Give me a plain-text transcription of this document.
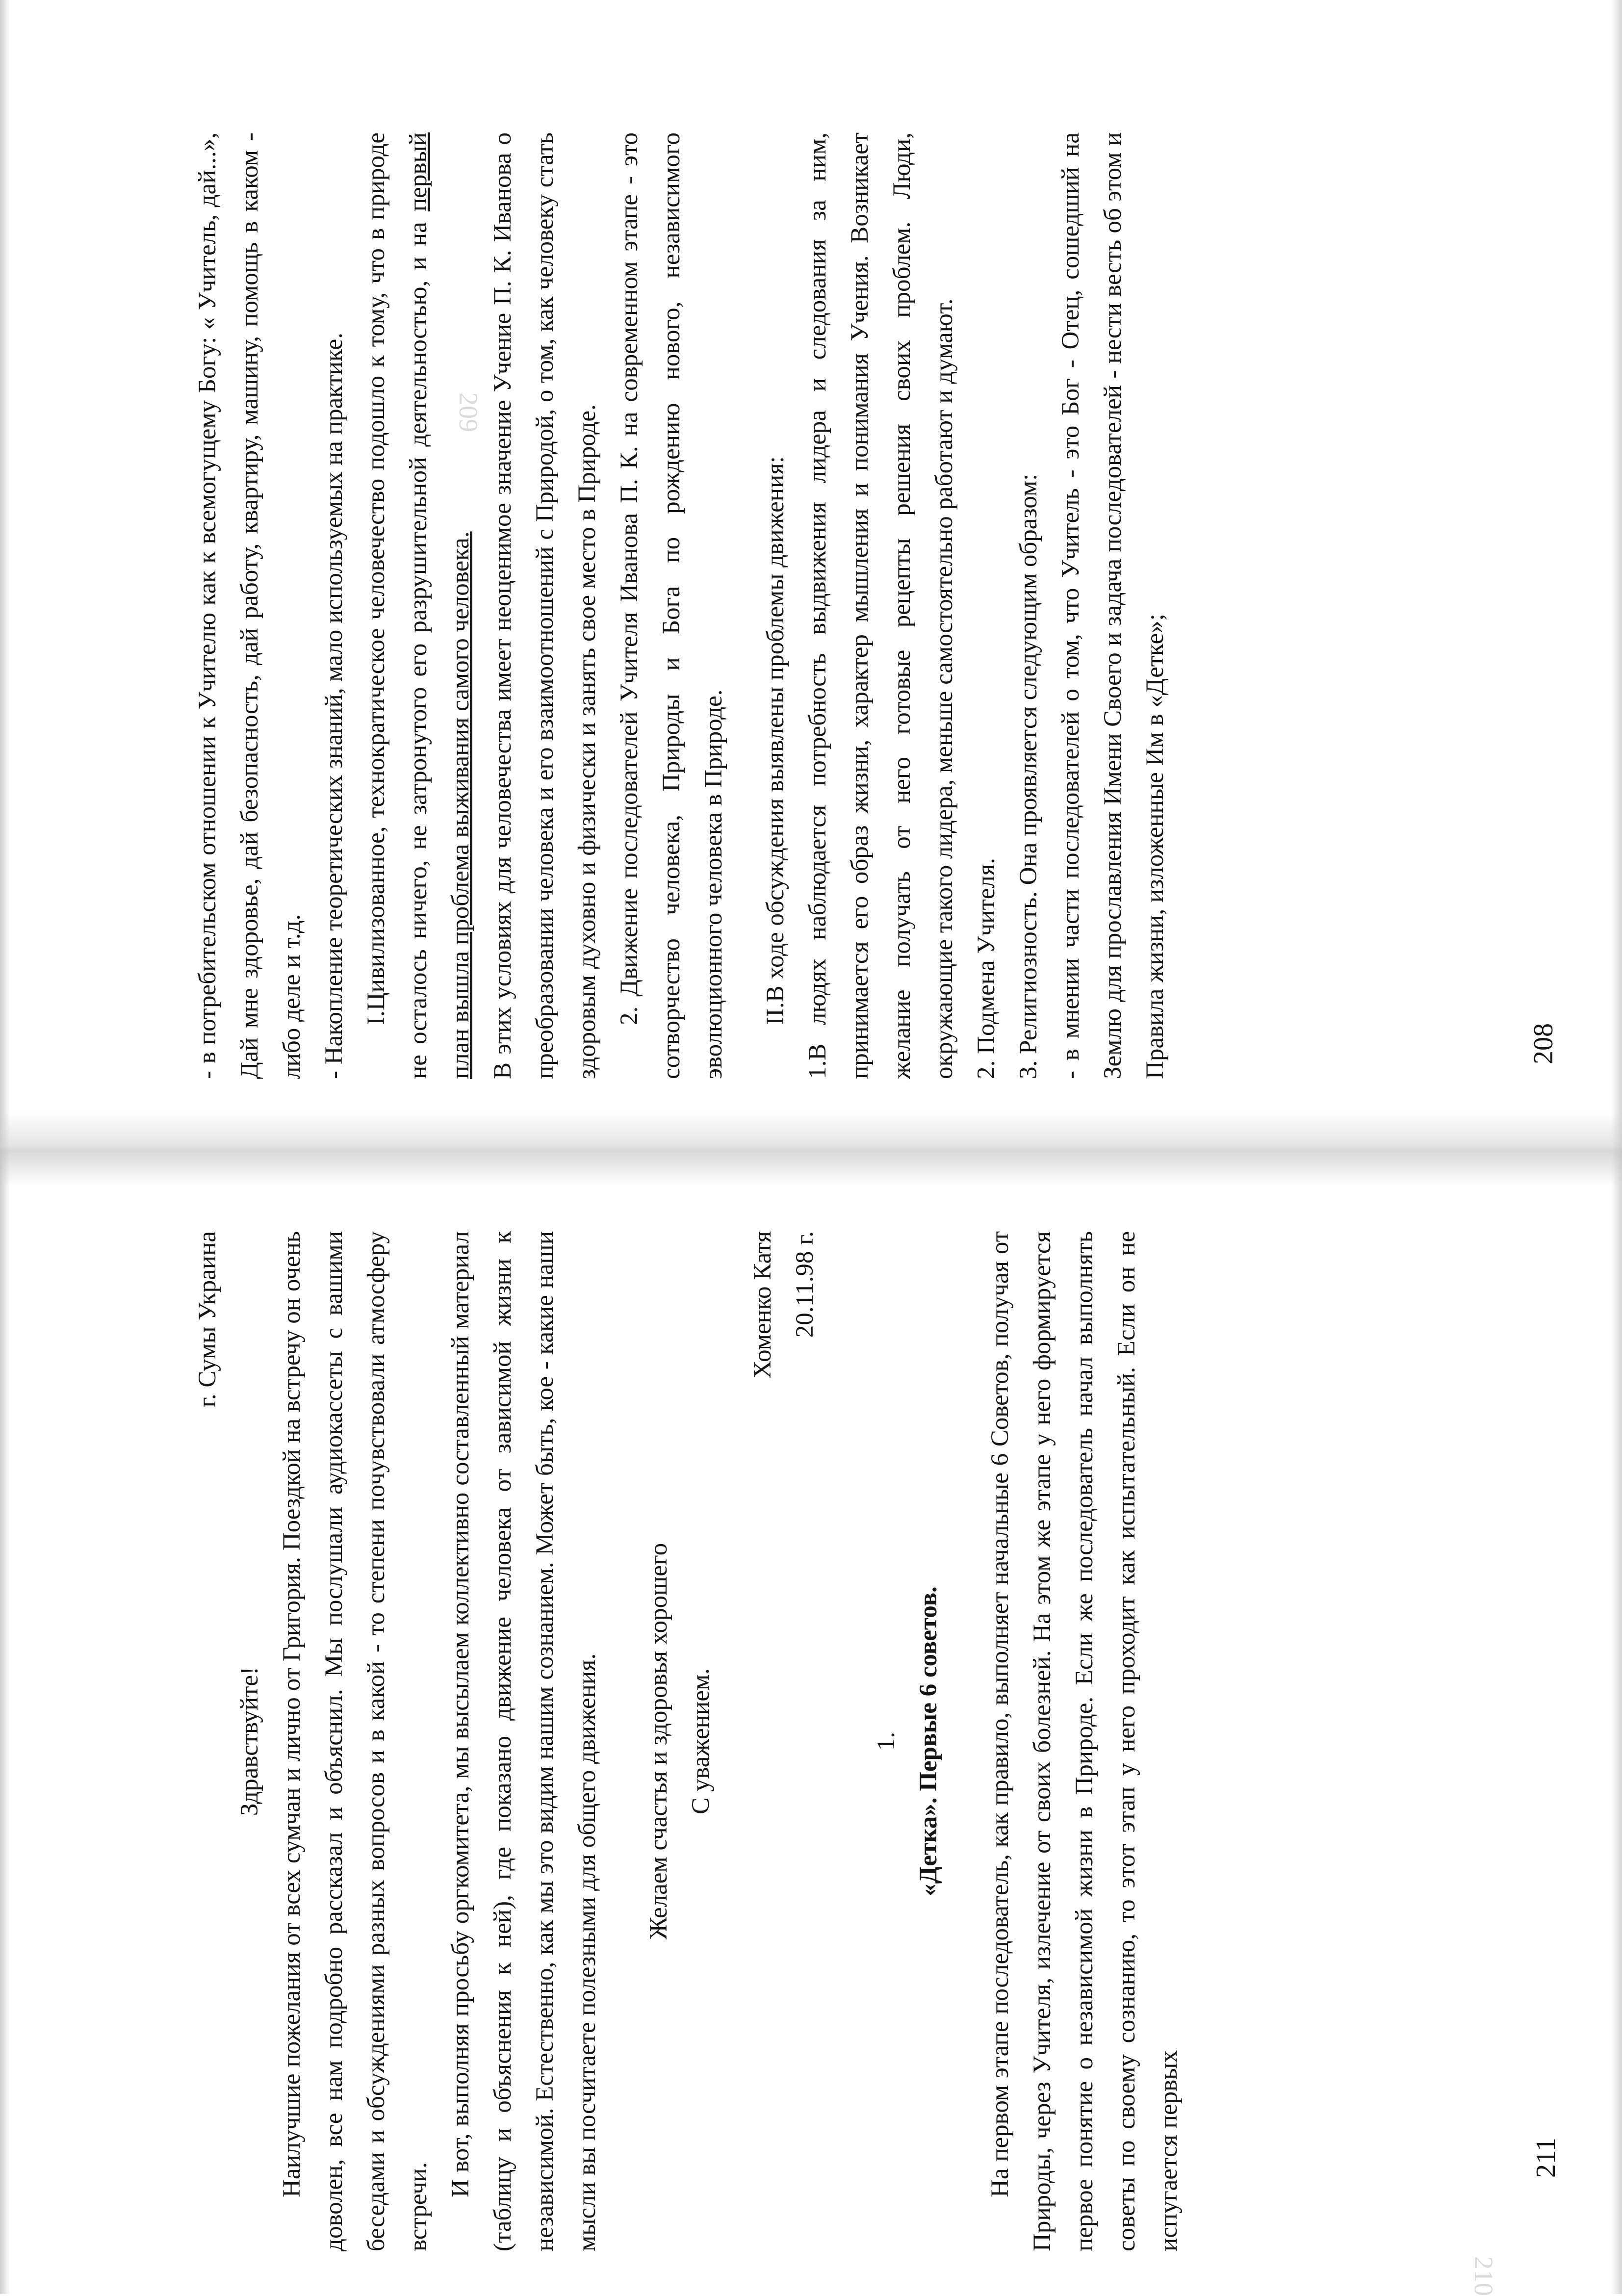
209
210

- в потребительском отношении к Учителю как к всемогущему Богу: « Учитель, дай...», Дай мне здоровье, дай безопасность, дай работу, квартиру, машину, помощь в каком - либо деле и т.д. - Накопление теоретических знаний, мало используемых на практике. I.Цивилизованное, технократическое человечество подошло к тому, что в природе не осталось ничего, не затронутого его разрушительной деятельностью, и на первый план вышла проблема выживания самого человека. В этих условиях для человечества имеет неоценимое значение Учение П. К. Иванова о преобразовании человека и его взаимоотношений с Природой, о том, как человеку стать здоровым духовно и физически и занять свое место в Природе. 2. Движение последователей Учителя Иванова П. К. на современном этапе - это сотворчество человека, Природы и Бога по рождению нового, независимого эволюционного человека в Природе. II.В ходе обсуждения выявлены проблемы движения: 1.В людях наблюдается потребность выдвижения лидера и следования за ним, принимается его образ жизни, характер мышления и понимания Учения. Возникает желание получать от него готовые рецепты решения своих проблем. Люди, окружающие такого лидера, меньше самостоятельно работают и думают. 2. Подмена Учителя. 3. Религиозность. Она проявляется следующим образом: - в мнении части последователей о том, что Учитель - это Бог - Отец, сошедший на Землю для прославления Имени Своего и задача последователей - нести весть об этом и Правила жизни, изложенные Им в «Детке»;	208

г. Сумы Украина

Здравствуйте! Наилучшие пожелания от всех сумчан и лично от Григория. Поездкой на встречу он очень доволен, все нам подробно рассказал и объяснил. Мы послушали аудиокассеты с вашими беседами и обсуждениями разных вопросов и в какой - то степени почувствовали атмосферу встречи.

И вот, выполняя просьбу оргкомитета, мы высылаем коллективно составленный материал (таблицу и объяснения к ней), где показано движение человека от зависимой жизни к независимой. Естественно, как мы это видим нашим сознанием. Может быть, кое - какие наши мысли вы посчитаете полезными для общего движения. Желаем счастья и здоровья хорошего С уважением.

Хоменко Катя 20.11.98 г.

1. «Детка». Первые 6 советов. На первом этапе последователь, как правило, выполняет начальные 6 Советов, получая от Природы, через Учителя, излечение от своих болезней. На этом же этапе у него формируется первое понятие о независимой жизни в Природе. Если же последователь начал выполнять советы по своему сознанию, то этот этап у него проходит как испытательный. Если он не испугается первых	211
